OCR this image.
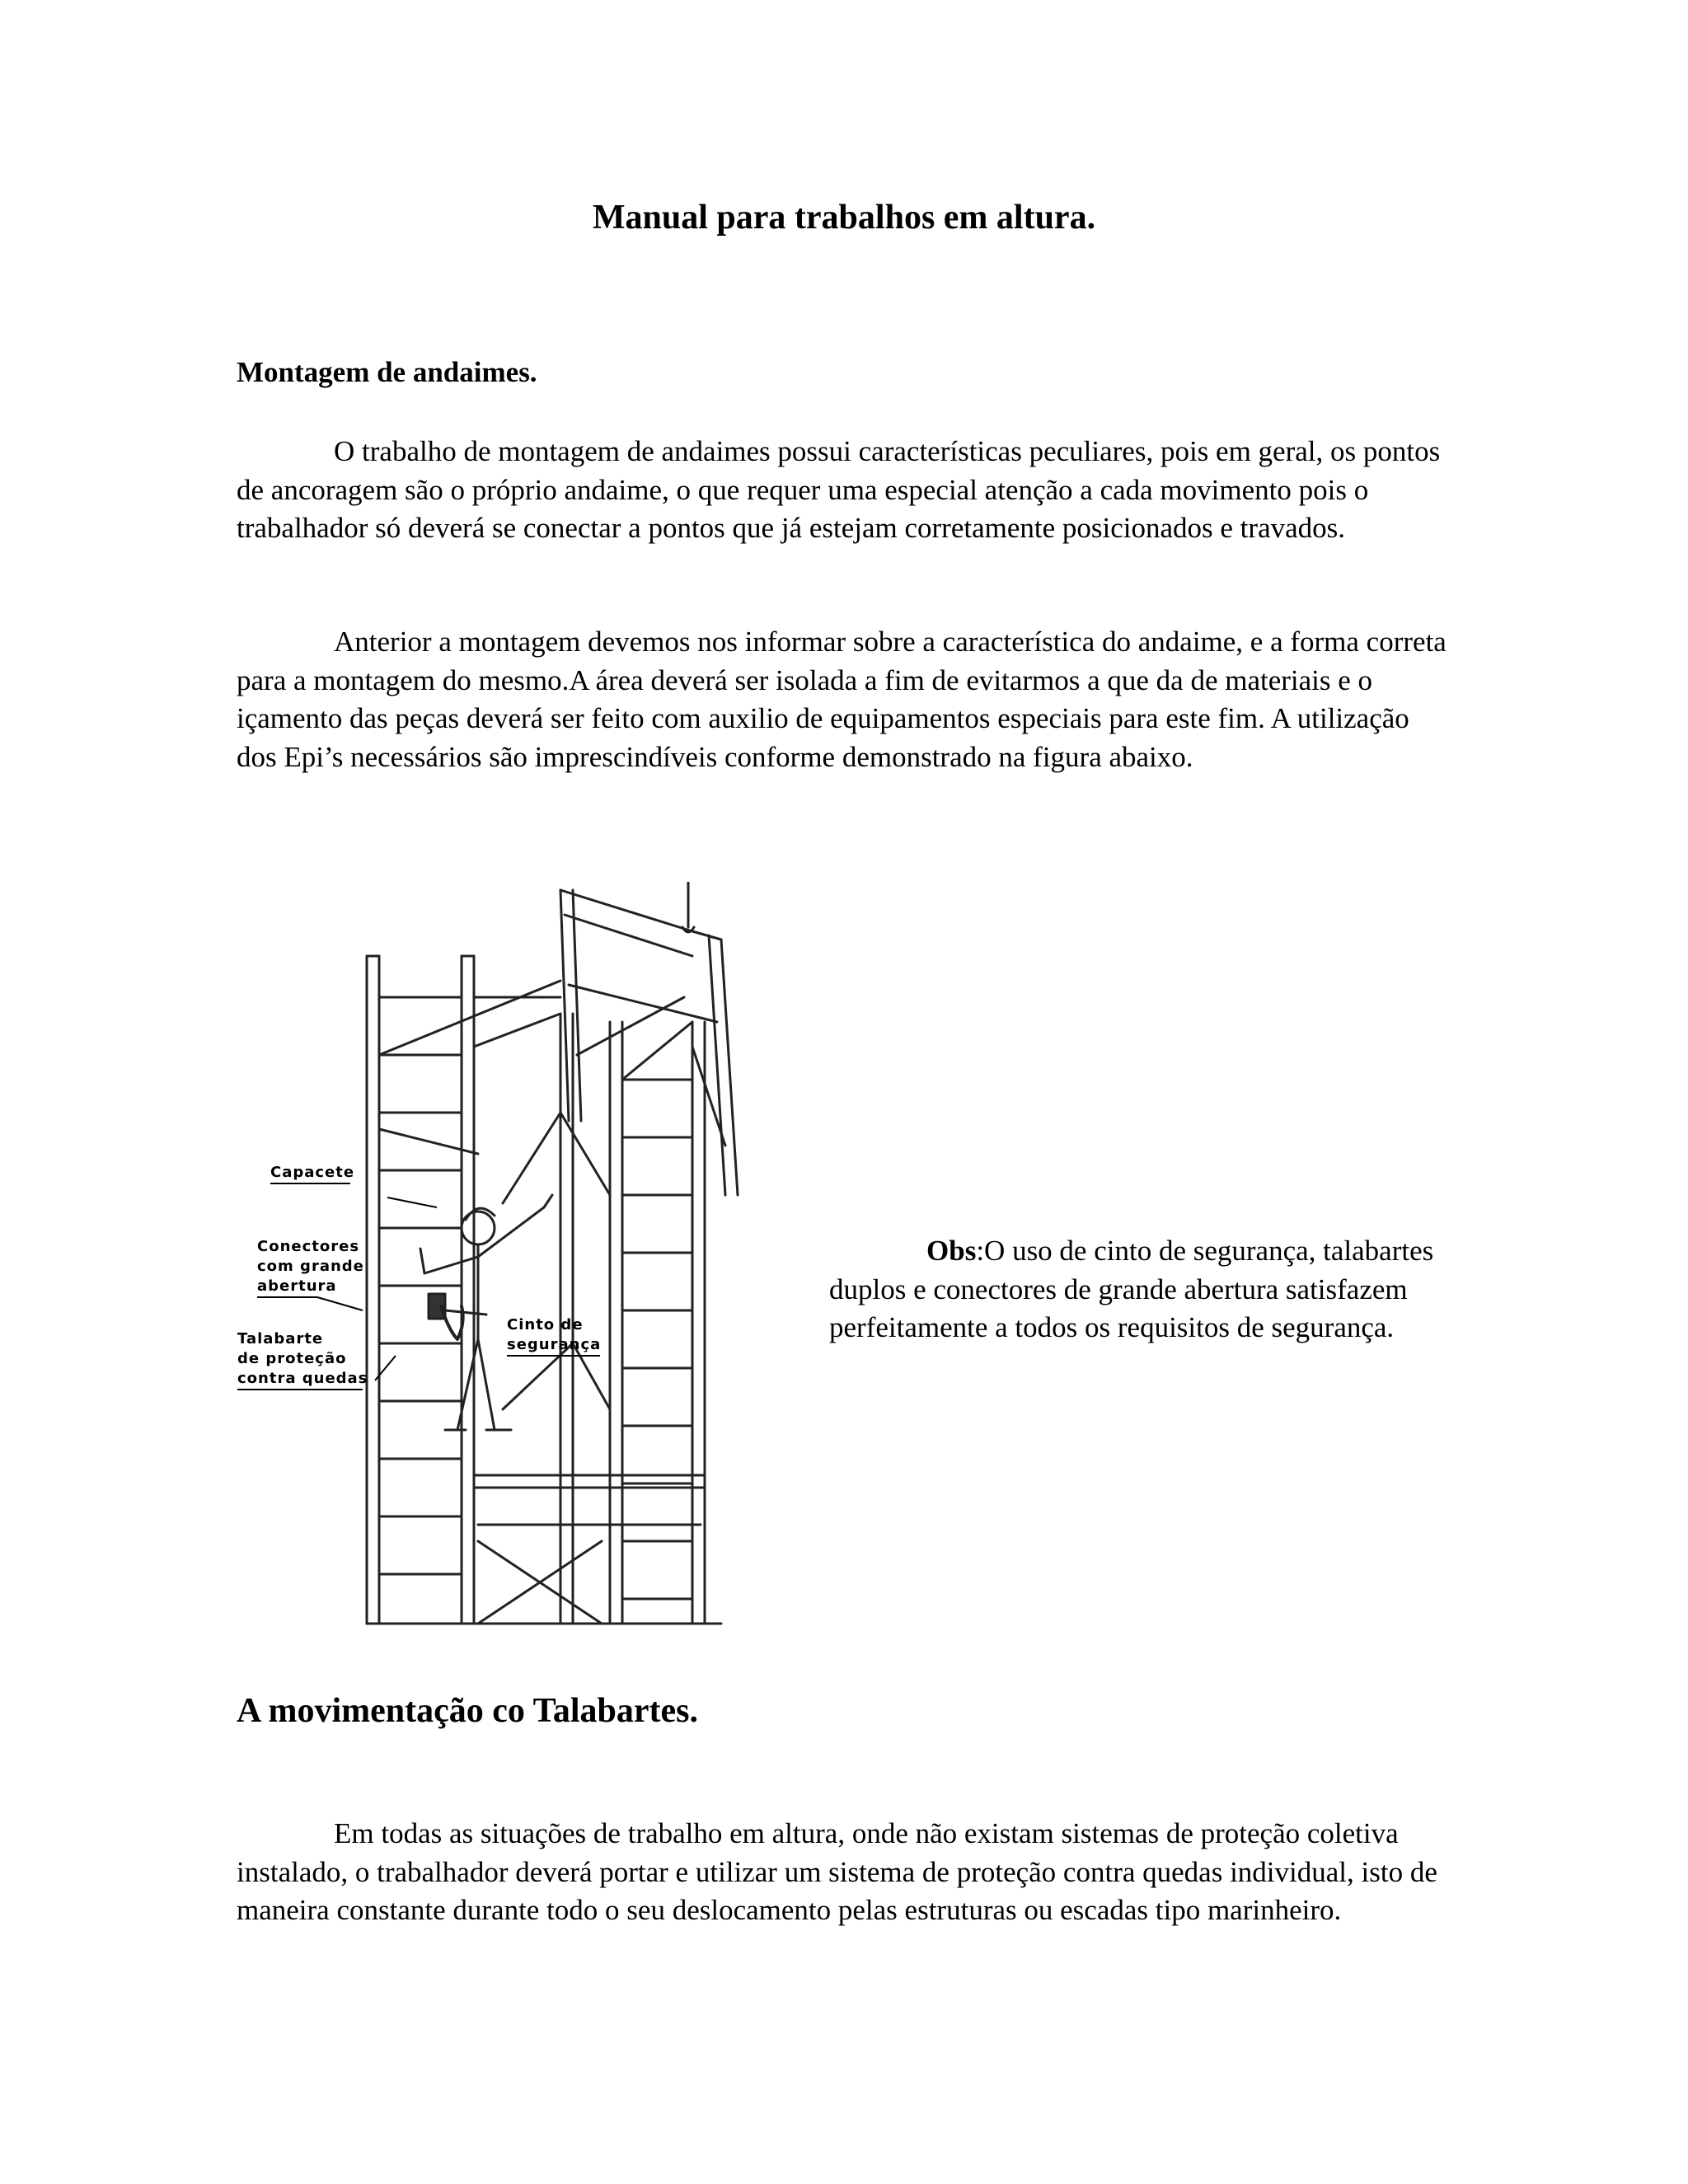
Manual para trabalhos em altura.
Montagem de andaimes.

O trabalho de montagem de andaimes possui características peculiares, pois em geral, os pontos de ancoragem são o próprio andaime, o que requer uma especial atenção a cada movimento pois o trabalhador só deverá se conectar a pontos que já estejam corretamente posicionados e travados.

Anterior a montagem devemos nos informar sobre a característica do andaime, e a forma correta para a montagem do mesmo.A área deverá ser isolada a fim de evitarmos a que da de materiais e o içamento das peças deverá ser feito com auxilio de equipamentos especiais para este fim. A utilização dos Epi’s necessários são imprescindíveis conforme demonstrado na figura abaixo.

Capacete
Conectores
com grande
abertura
Talabarte
de proteção
contra quedas
Cinto de
segurança

Obs:O uso de cinto de segurança, talabartes duplos e conectores de grande abertura satisfazem perfeitamente a todos os requisitos de segurança.

A movimentação co Talabartes.

Em todas as situações de trabalho em altura, onde não existam sistemas de proteção coletiva instalado, o trabalhador deverá portar e utilizar um sistema de proteção contra quedas individual, isto de maneira constante durante todo o seu deslocamento pelas estruturas ou escadas tipo marinheiro.
